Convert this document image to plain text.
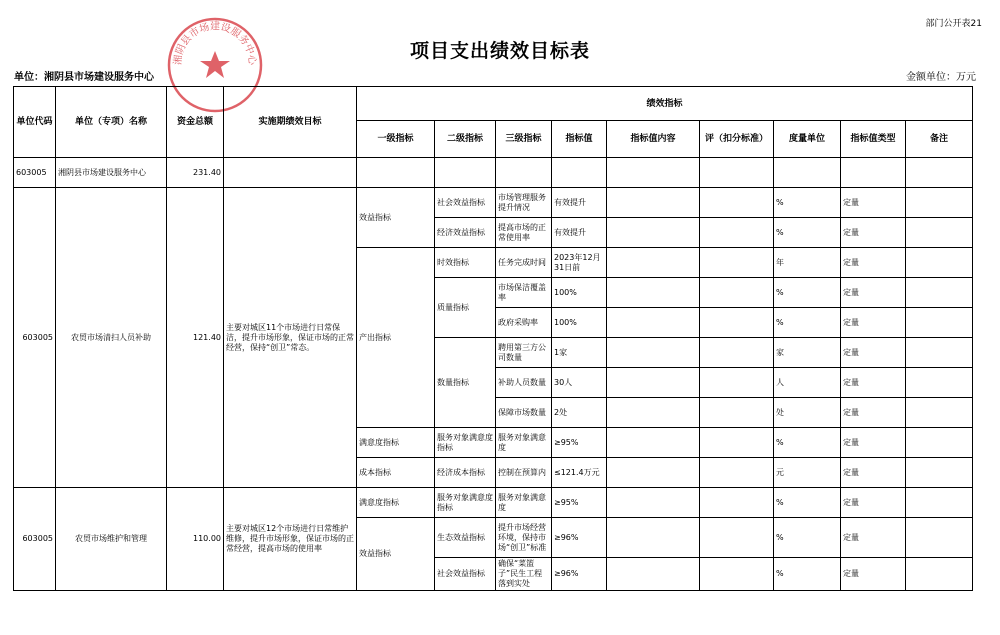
部门公开表21
项目支出绩效目标表
单位：湘阴县市场建设服务中心	金额单位：万元
湘阴县市场建设服务中心
单位代码	单位（专项）名称	资金总额	实施期绩效目标	绩效指标								
				一级指标	二级指标	三级指标	指标值	指标值内容	评（扣分标准）	度量单位	指标值类型	备注
603005	湘阴县市场建设服务中心	231.40										
603005	农贸市场清扫人员补助	121.40	主要对城区11个市场进行日常保洁，提升市场形象，保证市场的正常经营，保持“创卫”常态。	效益指标	社会效益指标	市场管理服务提升情况	有效提升			%	定量	
					经济效益指标	提高市场的正常使用率	有效提升			%	定量	
				产出指标	时效指标	任务完成时间	2023年12月31日前			年	定量	
					质量指标	市场保洁覆盖率	100%			%	定量	
						政府采购率	100%			%	定量	
					数量指标	聘用第三方公司数量	1家			家	定量	
						补助人员数量	30人			人	定量	
						保障市场数量	2处			处	定量	
				满意度指标	服务对象满意度指标	服务对象满意度	≥95%			%	定量	
				成本指标	经济成本指标	控制在预算内	≤121.4万元			元	定量	
603005	农贸市场维护和管理	110.00	主要对城区12个市场进行日常维护维修，提升市场形象，保证市场的正常经营，提高市场的使用率	满意度指标	服务对象满意度指标	服务对象满意度	≥95%			%	定量	
				效益指标	生态效益指标	提升市场经营环境，保持市场“创卫”标准	≥96%			%	定量	
					社会效益指标	确保“菜篮子”民生工程落到实处	≥96%			%	定量	
